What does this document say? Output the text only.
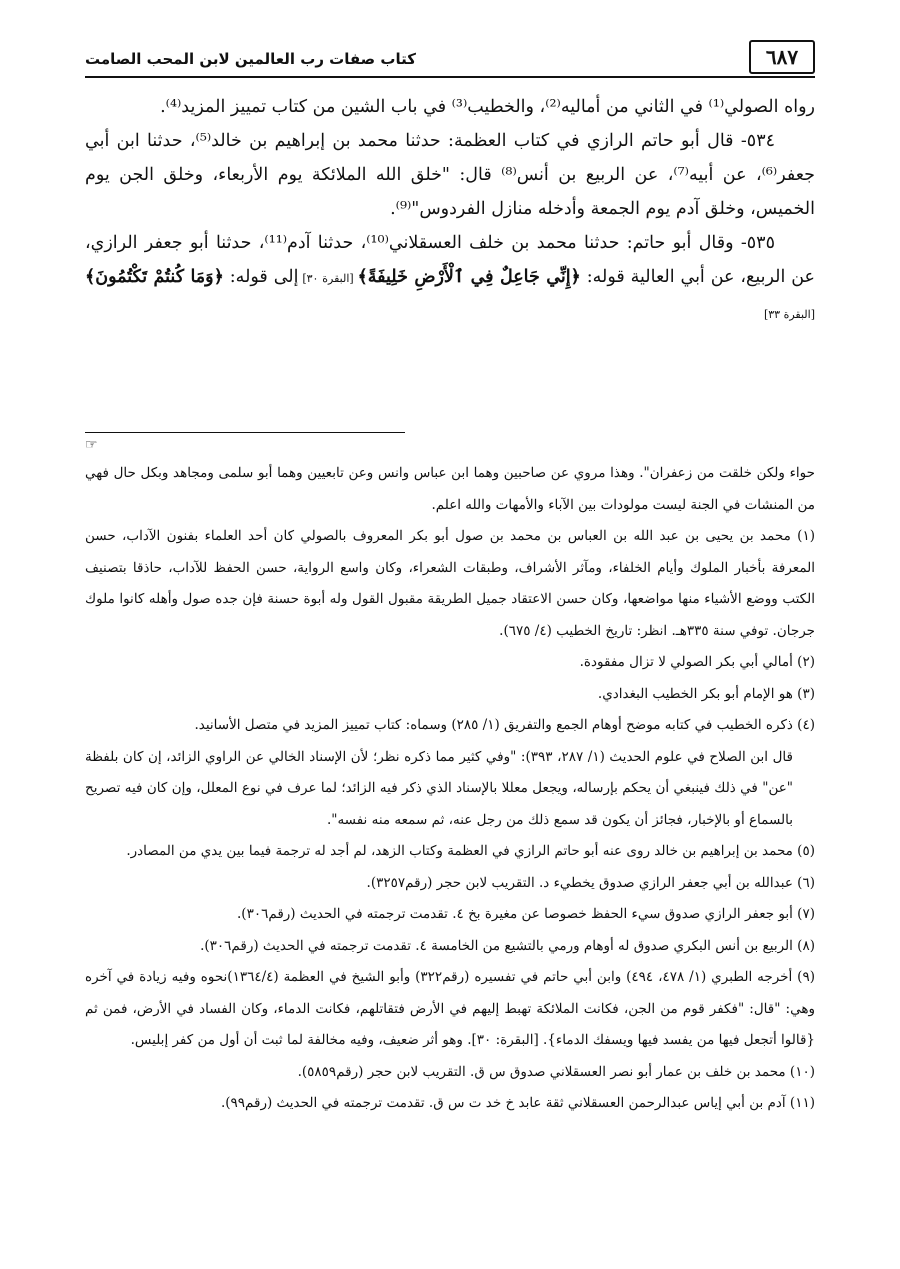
٦٨٧
كتاب صفات رب العالمين لابن المحب الصامت

رواه الصولي⁽¹⁾ في الثاني من أماليه⁽²⁾، والخطيب⁽³⁾ في باب الشين من كتاب تمييز المزيد⁽⁴⁾.

٥٣٤- قال أبو حاتم الرازي في كتاب العظمة: حدثنا محمد بن إبراهيم بن خالد⁽⁵⁾، حدثنا ابن أبي جعفر⁽⁶⁾، عن أبيه⁽⁷⁾، عن الربيع بن أنس⁽⁸⁾ قال: "خلق الله الملائكة يوم الأربعاء، وخلق الجن يوم الخميس، وخلق آدم يوم الجمعة وأدخله منازل الفردوس"⁽⁹⁾.

٥٣٥- وقال أبو حاتم: حدثنا محمد بن خلف العسقلاني⁽¹⁰⁾، حدثنا آدم⁽¹¹⁾، حدثنا أبو جعفر الرازي، عن الربيع، عن أبي العالية قوله: ﴿إِنِّي جَاعِلٌ فِي ٱلْأَرْضِ خَلِيفَةً﴾ [البقرة ٣٠] إلى قوله: ﴿وَمَا كُنتُمْ تَكْتُمُونَ﴾[البقرة ٣٣]

☞

حواء ولكن خلقت من زعفران". وهذا مروي عن صاحبين وهما ابن عباس وانس وعن تابعيين وهما أبو سلمى ومجاهد وبكل حال فهي من المنشات في الجنة ليست مولودات بين الآباء والأمهات والله اعلم.

(١) محمد بن يحيى بن عبد الله بن العباس بن محمد بن صول أبو بكر المعروف بالصولي كان أحد العلماء بفنون الآداب، حسن المعرفة بأخبار الملوك وأيام الخلفاء، ومآثر الأشراف، وطبقات الشعراء، وكان واسع الرواية، حسن الحفظ للآداب، حاذقا بتصنيف الكتب ووضع الأشياء منها مواضعها، وكان حسن الاعتقاد جميل الطريقة مقبول القول وله أبوة حسنة فإن جده صول وأهله كانوا ملوك جرجان. توفي سنة ٣٣٥هـ. انظر: تاريخ الخطيب (٤/ ٦٧٥).

(٢) أمالي أبي بكر الصولي لا تزال مفقودة.

(٣) هو الإمام أبو بكر الخطيب البغدادي.

(٤) ذكره الخطيب في كتابه موضح أوهام الجمع والتفريق (١/ ٢٨٥) وسماه: كتاب تمييز المزيد في متصل الأسانيد.

قال ابن الصلاح في علوم الحديث (١/ ٢٨٧، ٣٩٣): "وفي كثير مما ذكره نظر؛ لأن الإسناد الخالي عن الراوي الزائد، إن كان بلفظة "عن" في ذلك فينبغي أن يحكم بإرساله، ويجعل معللا بالإسناد الذي ذكر فيه الزائد؛ لما عرف في نوع المعلل، وإن كان فيه تصريح بالسماع أو بالإخبار، فجائز أن يكون قد سمع ذلك من رجل عنه، ثم سمعه منه نفسه".

(٥) محمد بن إبراهيم بن خالد روى عنه أبو حاتم الرازي في العظمة وكتاب الزهد، لم أجد له ترجمة فيما بين يدي من المصادر.

(٦) عبدالله بن أبي جعفر الرازي صدوق يخطيء د. التقريب لابن حجر (رقم٣٢٥٧).

(٧) أبو جعفر الرازي صدوق سيء الحفظ خصوصا عن مغيرة بخ ٤. تقدمت ترجمته في الحديث (رقم٣٠٦).

(٨) الربيع بن أنس البكري صدوق له أوهام ورمي بالتشيع من الخامسة ٤. تقدمت ترجمته في الحديث (رقم٣٠٦).

(٩) أخرجه الطبري (١/ ٤٧٨، ٤٩٤) وابن أبي حاتم في تفسيره (رقم٣٢٢) وأبو الشيخ في العظمة (١٣٦٤/٤)نحوه وفيه زيادة في آخره وهي: "قال: "فكفر قوم من الجن، فكانت الملائكة تهبط إليهم في الأرض فتقاتلهم، فكانت الدماء، وكان الفساد في الأرض، فمن ثم {قالوا أتجعل فيها من يفسد فيها ويسفك الدماء}. [البقرة: ٣٠]. وهو أثر ضعيف، وفيه مخالفة لما ثبت أن أول من كفر إبليس.

(١٠) محمد بن خلف بن عمار أبو نصر العسقلاني صدوق س ق. التقريب لابن حجر (رقم٥٨٥٩).

(١١) آدم بن أبي إياس عبدالرحمن العسقلاني ثقة عابد خ خد ت س ق. تقدمت ترجمته في الحديث (رقم٩٩).
